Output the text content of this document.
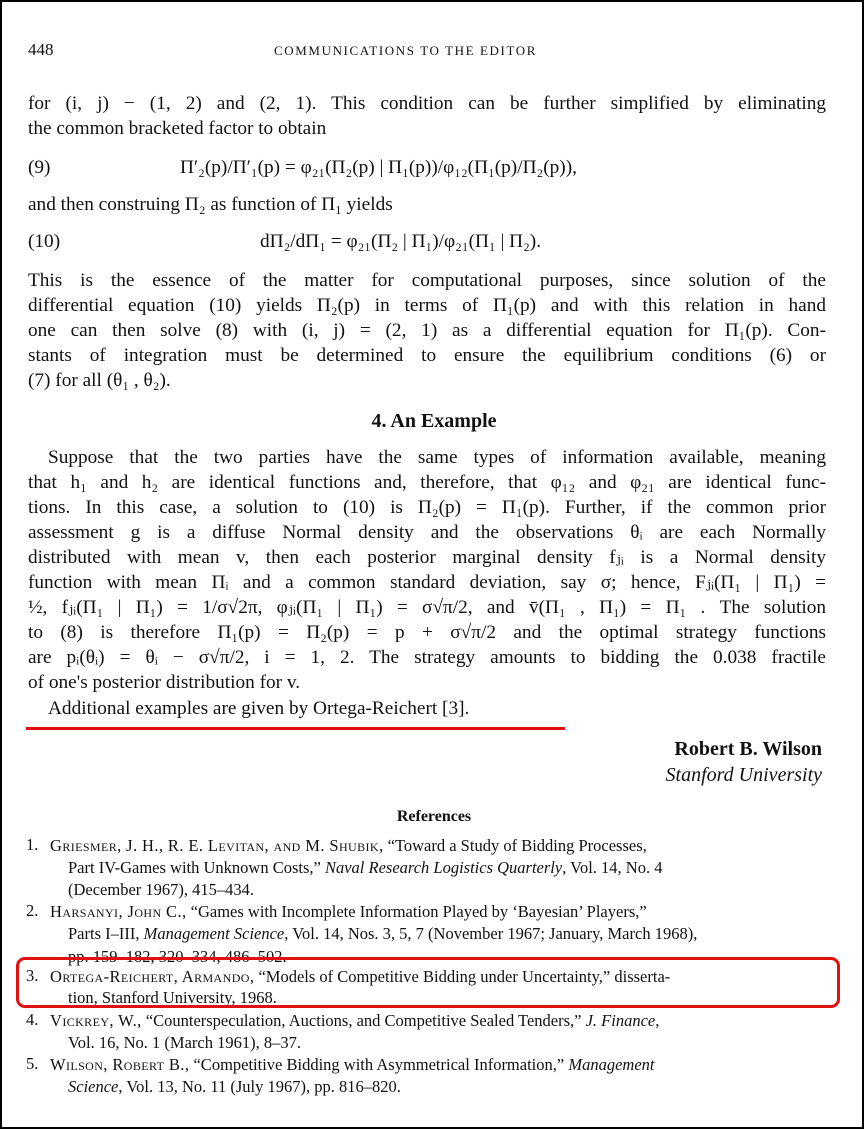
448	COMMUNICATIONS TO THE EDITOR
for (i, j) − (1, 2) and (2, 1). This condition can be further simplified by eliminating
the common bracketed factor to obtain
(9)	Π′₂(p)/Π′₁(p) = φ₂₁(Π₂(p) | Π₁(p))/φ₁₂(Π₁(p)/Π₂(p)),
and then construing Π₂ as function of Π₁ yields
(10)	dΠ₂/dΠ₁ = φ₂₁(Π₂ | Π₁)/φ₂₁(Π₁ | Π₂).
This is the essence of the matter for computational purposes, since solution of the
differential equation (10) yields Π₂(p) in terms of Π₁(p) and with this relation in hand
one can then solve (8) with (i, j) = (2, 1) as a differential equation for Π₁(p). Con-
stants of integration must be determined to ensure the equilibrium conditions (6) or
(7) for all (θ₁ , θ₂).
4. An Example
Suppose that the two parties have the same types of information available, meaning
that h₁ and h₂ are identical functions and, therefore, that φ₁₂ and φ₂₁ are identical func-
tions. In this case, a solution to (10) is Π₂(p) = Π₁(p). Further, if the common prior
assessment g is a diffuse Normal density and the observations θᵢ are each Normally
distributed with mean v, then each posterior marginal density fⱼᵢ is a Normal density
function with mean Πᵢ and a common standard deviation, say σ; hence, Fⱼᵢ(Π₁ | Π₁) =
½, fⱼᵢ(Π₁ | Π₁) = 1/σ√2π, φⱼᵢ(Π₁ | Π₁) = σ√π/2, and v̄(Π₁ , Π₁) = Π₁ . The solution
to (8) is therefore Π₁(p) = Π₂(p) = p + σ√π/2 and the optimal strategy functions
are pᵢ(θᵢ) = θᵢ − σ√π/2, i = 1, 2. The strategy amounts to bidding the 0.038 fractile
of one's posterior distribution for v.
Additional examples are given by Ortega-Reichert [3].
Robert B. Wilson
Stanford University
References
1. Griesmer, J. H., R. E. Levitan, and M. Shubik, “Toward a Study of Bidding Processes,
Part IV-Games with Unknown Costs,” Naval Research Logistics Quarterly, Vol. 14, No. 4
(December 1967), 415–434.
2. Harsanyi, John C., “Games with Incomplete Information Played by ‘Bayesian’ Players,”
Parts I–III, Management Science, Vol. 14, Nos. 3, 5, 7 (November 1967; January, March 1968),
pp. 159–182, 320–334, 486–502.
3. Ortega-Reichert, Armando, “Models of Competitive Bidding under Uncertainty,” disserta-
tion, Stanford University, 1968.
4. Vickrey, W., “Counterspeculation, Auctions, and Competitive Sealed Tenders,” J. Finance,
Vol. 16, No. 1 (March 1961), 8–37.
5. Wilson, Robert B., “Competitive Bidding with Asymmetrical Information,” Management
Science, Vol. 13, No. 11 (July 1967), pp. 816–820.
